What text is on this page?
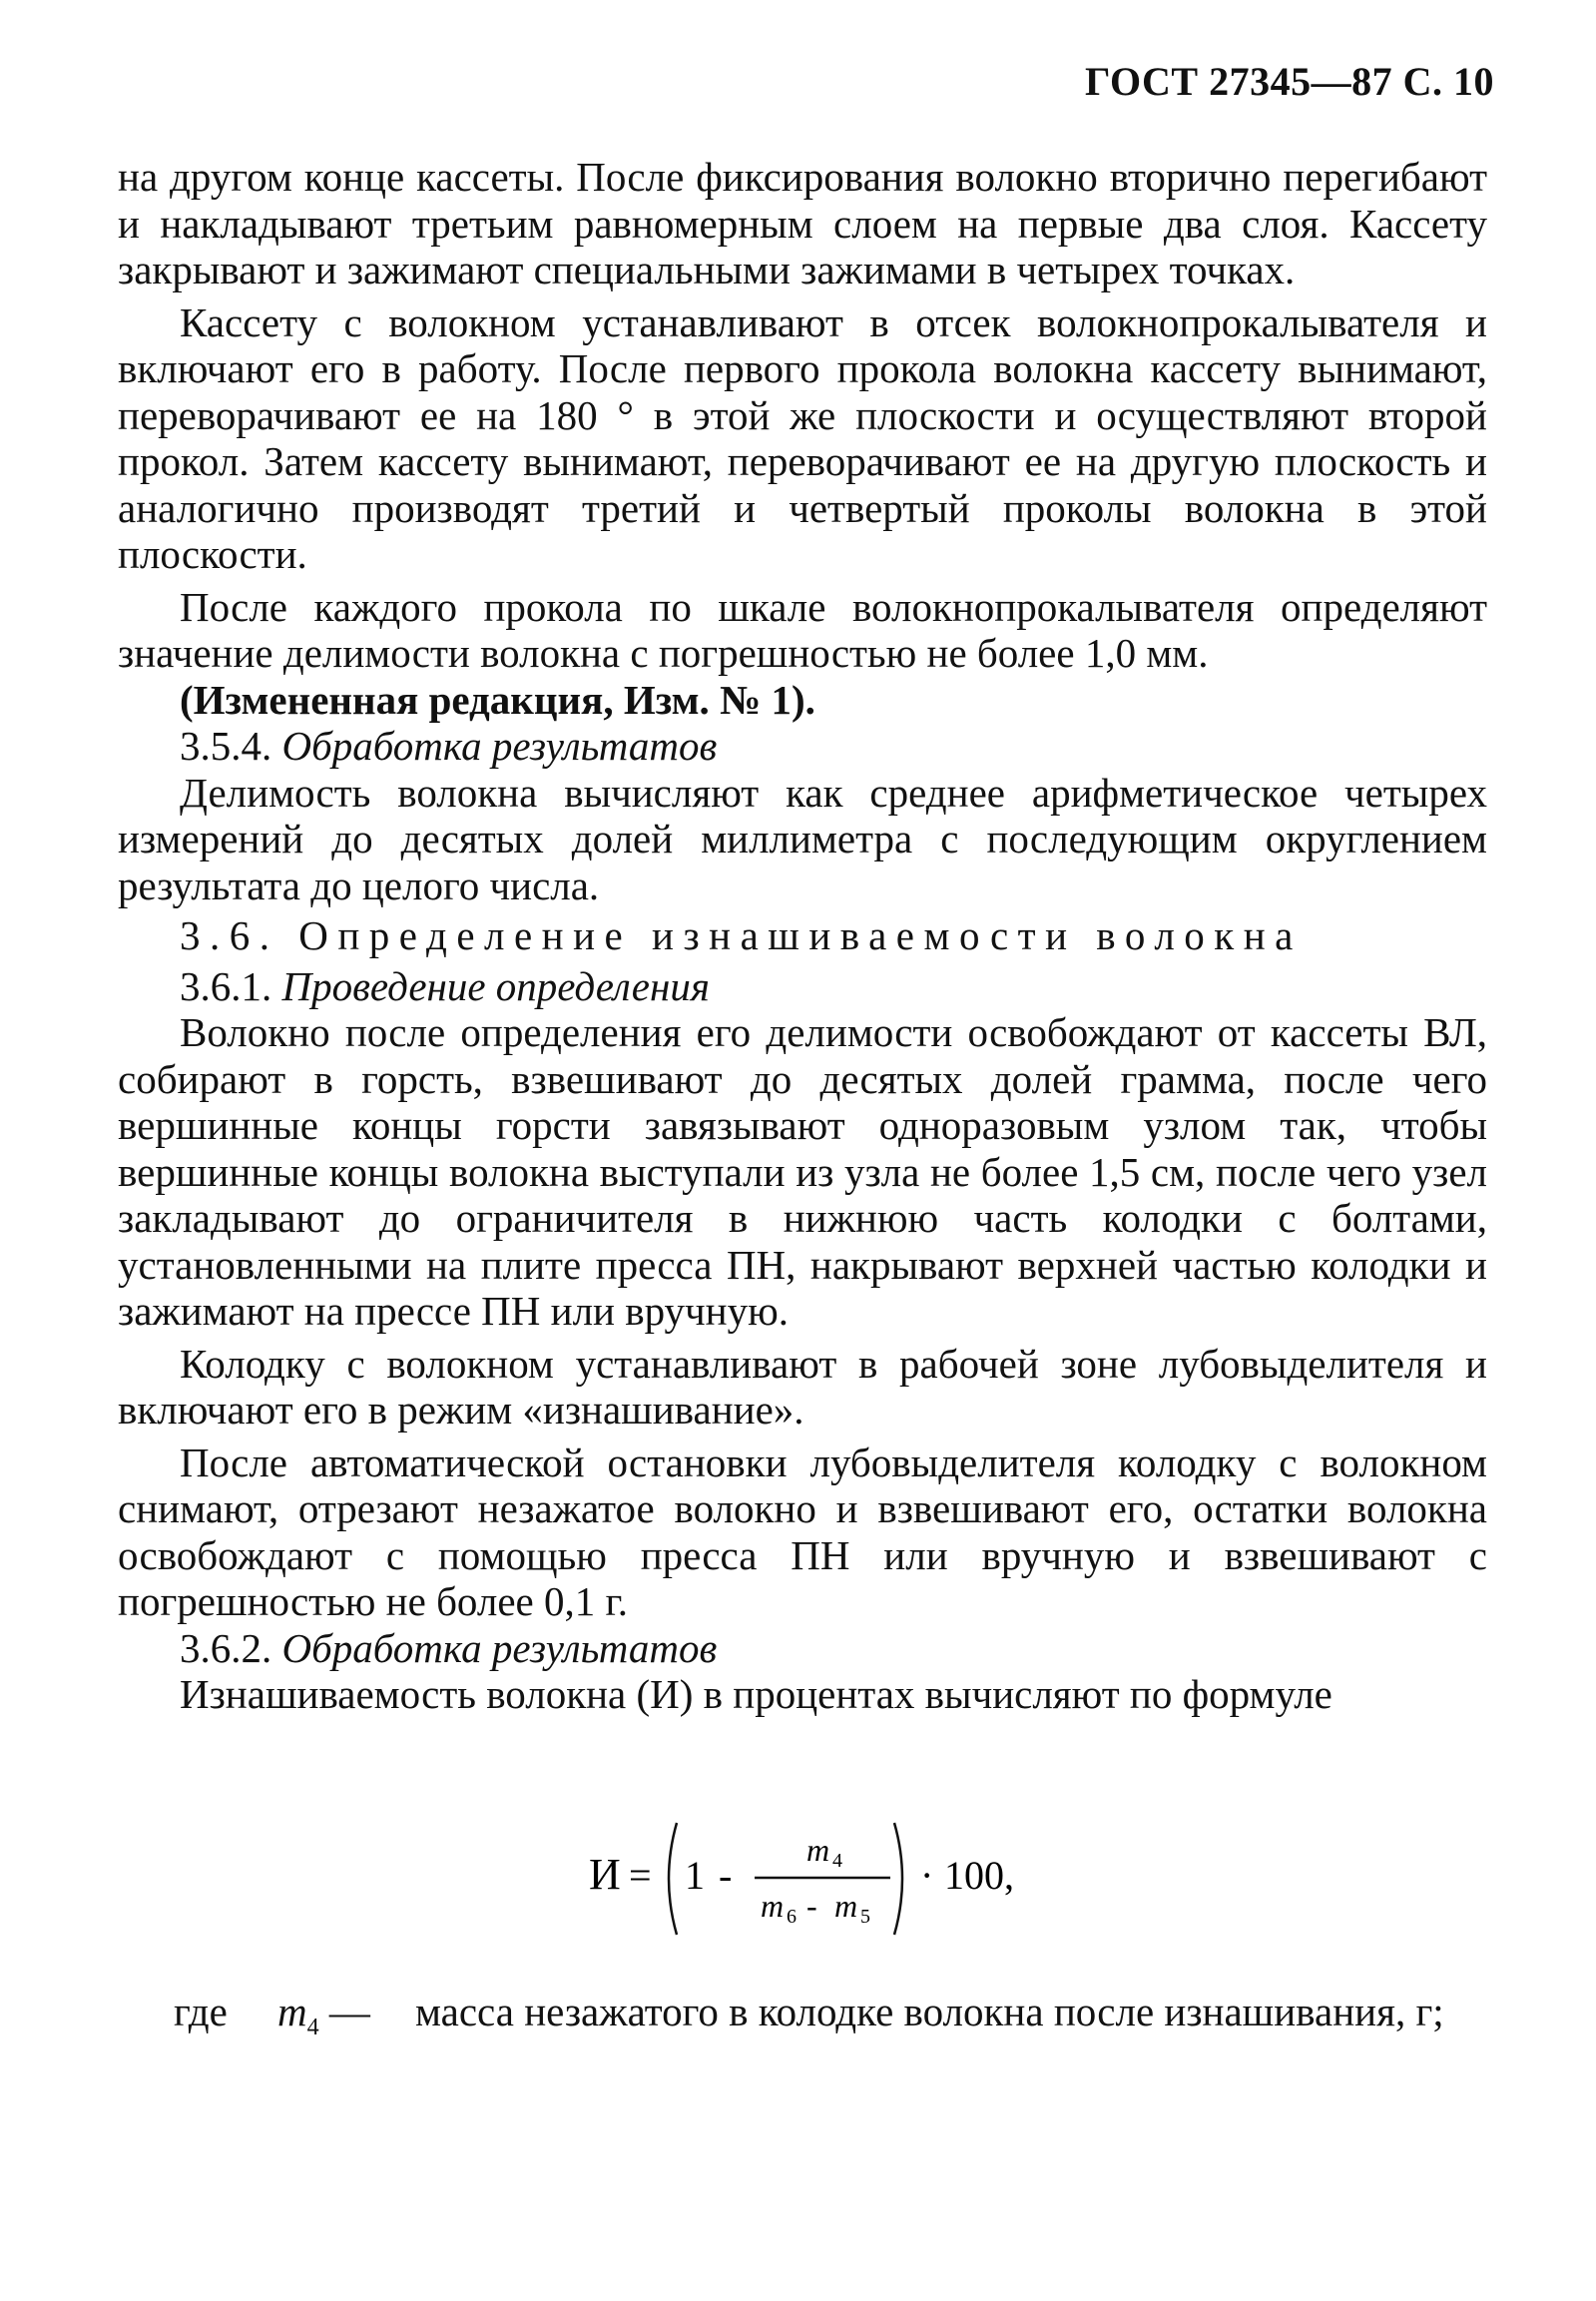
ГОСТ 27345—87 С. 10

на другом конце кассеты. После фиксирования волокно вторично перегибают и накладывают третьим равномерным слоем на первые два слоя. Кассету закрывают и зажимают специальными зажимами в четырех точках.

Кассету с волокном устанавливают в отсек волокнопрокалывателя и включают его в работу. После первого прокола волокна кассету вынимают, переворачивают ее на 180 ° в этой же плоскости и осуществляют второй прокол. Затем кассету вынимают, переворачивают ее на другую плоскость и аналогично производят третий и четвертый проколы волокна в этой плоскости.

После каждого прокола по шкале волокнопрокалывателя определяют значение делимости волокна с погрешностью не более 1,0 мм.

(Измененная редакция, Изм. № 1).

3.5.4. Обработка результатов

Делимость волокна вычисляют как среднее арифметическое четырех измерений до десятых долей миллиметра с последующим округлением результата до целого числа.

3.6. Определение изнашиваемости волокна

3.6.1. Проведение определения

Волокно после определения его делимости освобождают от кассеты ВЛ, собирают в горсть, взвешивают до десятых долей грамма, после чего вершинные концы горсти завязывают одноразовым узлом так, чтобы вершинные концы волокна выступали из узла не более 1,5 см, после чего узел закладывают до ограничителя в нижнюю часть колодки с болтами, установленными на плите пресса ПН, накрывают верхней частью колодки и зажимают на прессе ПН или вручную.

Колодку с волокном устанавливают в рабочей зоне лубовыделителя и включают его в режим «изнашивание».

После автоматической остановки лубовыделителя колодку с волокном снимают, отрезают незажатое волокно и взвешивают его, остатки волокна освобождают с помощью пресса ПН или вручную и взвешивают с погрешностью не более 0,1 г.

3.6.2. Обработка результатов

Изнашиваемость волокна (И) в процентах вычисляют по формуле

И = 1 -
m 4
m 6 - m 5
· 100,
где	$m_4$ —	масса незажатого в колодке волокна после изнашивания, г;
